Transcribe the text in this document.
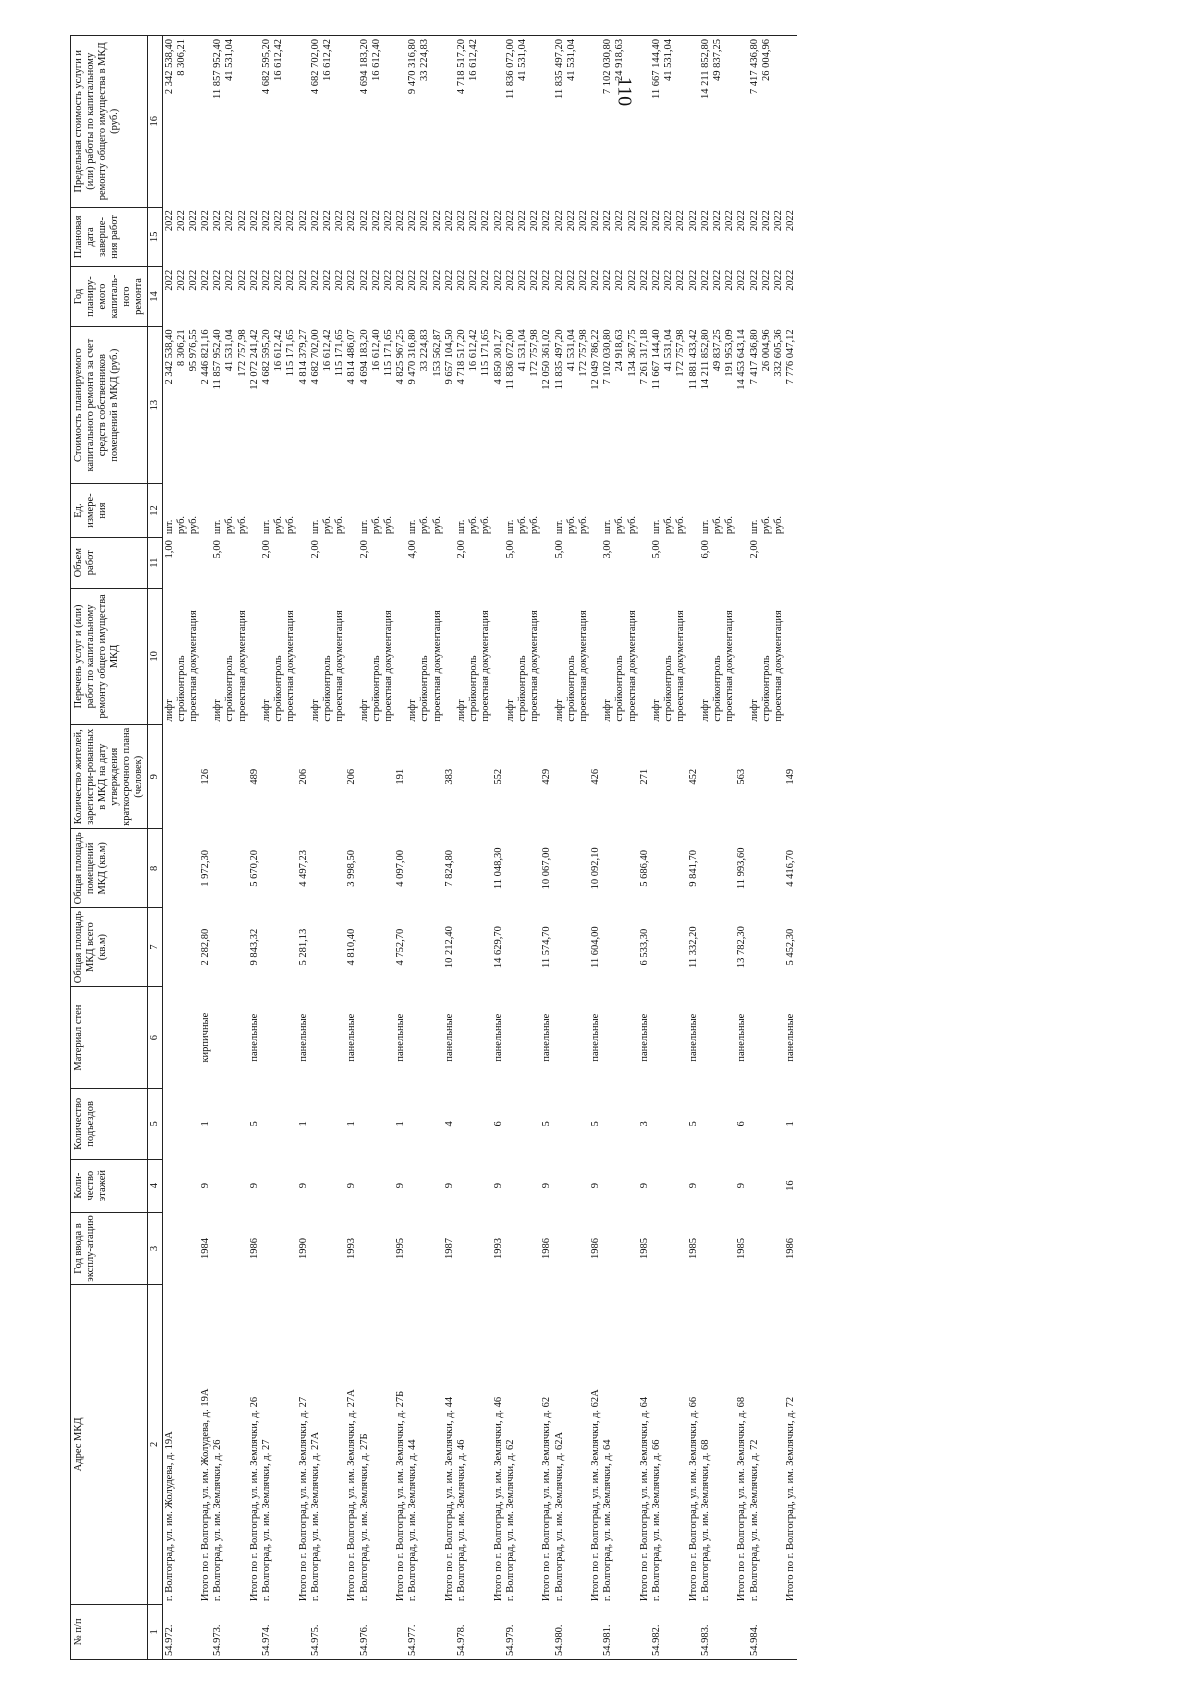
110
№ п/п	Адрес МКД	Год ввода в эксплу-атацию	Коли-чество этажей	Количество подъездов	Материал стен	Общая площадь МКД всего (кв.м)	Общая площадь помещений МКД (кв.м)	Количество жителей, зарегистри-рованных в МКД на дату утверждения краткосрочного плана (человек)	Перечень услуг и (или) работ по капитальному ремонту общего имущества МКД	Объем работ	Ед. измере-ния	Стоимость планируемого капитального ремонта за счет средств собственников помещений в МКД (руб.)	Год планиру-емого капиталь-ного ремонта	Плановая дата заверше-ния работ	Предельная стоимость услуги и (или) работы по капитальному ремонту общего имущества в МКД (руб.)
1	2	3	4	5	6	7	8	9	10	11	12	13	14	15	16
54.972.	г. Волгоград, ул. им. Жолудева, д. 19А								лифт	1,00	шт.	2 342 538,40	2022	2022	2 342 538,40
									стройконтроль		руб.	8 306,21	2022	2022	8 306,21
									проектная документация		руб.	95 976,55	2022	2022	
	Итого по г. Волгоград, ул. им. Жолудева, д. 19А	1984	9	1	кирпичные	2 282,80	1 972,30	126				2 446 821,16	2022	2022	
54.973.	г. Волгоград, ул. им. Землячки, д. 26								лифт	5,00	шт.	11 857 952,40	2022	2022	11 857 952,40
									стройконтроль		руб.	41 531,04	2022	2022	41 531,04
									проектная документация		руб.	172 757,98	2022	2022	
	Итого по г. Волгоград, ул. им. Землячки, д. 26	1986	9	5	панельные	9 843,32	5 670,20	489				12 072 241,42	2022	2022	
54.974.	г. Волгоград, ул. им. Землячки, д. 27								лифт	2,00	шт.	4 682 595,20	2022	2022	4 682 595,20
									стройконтроль		руб.	16 612,42	2022	2022	16 612,42
									проектная документация		руб.	115 171,65	2022	2022	
	Итого по г. Волгоград, ул. им. Землячки, д. 27	1990	9	1	панельные	5 281,13	4 497,23	206				4 814 379,27	2022	2022	
54.975.	г. Волгоград, ул. им. Землячки, д. 27А								лифт	2,00	шт.	4 682 702,00	2022	2022	4 682 702,00
									стройконтроль		руб.	16 612,42	2022	2022	16 612,42
									проектная документация		руб.	115 171,65	2022	2022	
	Итого по г. Волгоград, ул. им. Землячки, д. 27А	1993	9	1	панельные	4 810,40	3 998,50	206				4 814 486,07	2022	2022	
54.976.	г. Волгоград, ул. им. Землячки, д. 27Б								лифт	2,00	шт.	4 694 183,20	2022	2022	4 694 183,20
									стройконтроль		руб.	16 612,40	2022	2022	16 612,40
									проектная документация		руб.	115 171,65	2022	2022	
	Итого по г. Волгоград, ул. им. Землячки, д. 27Б	1995	9	1	панельные	4 752,70	4 097,00	191				4 825 967,25	2022	2022	
54.977.	г. Волгоград, ул. им. Землячки, д. 44								лифт	4,00	шт.	9 470 316,80	2022	2022	9 470 316,80
									стройконтроль		руб.	33 224,83	2022	2022	33 224,83
									проектная документация		руб.	153 562,87	2022	2022	
	Итого по г. Волгоград, ул. им. Землячки, д. 44	1987	9	4	панельные	10 212,40	7 824,80	383				9 657 104,50	2022	2022	
54.978.	г. Волгоград, ул. им. Землячки, д. 46								лифт	2,00	шт.	4 718 517,20	2022	2022	4 718 517,20
									стройконтроль		руб.	16 612,42	2022	2022	16 612,42
									проектная документация		руб.	115 171,65	2022	2022	
	Итого по г. Волгоград, ул. им. Землячки, д. 46	1993	9	6	панельные	14 629,70	11 048,30	552				4 850 301,27	2022	2022	
54.979.	г. Волгоград, ул. им. Землячки, д. 62								лифт	5,00	шт.	11 836 072,00	2022	2022	11 836 072,00
									стройконтроль		руб.	41 531,04	2022	2022	41 531,04
									проектная документация		руб.	172 757,98	2022	2022	
	Итого по г. Волгоград, ул. им. Землячки, д. 62	1986	9	5	панельные	11 574,70	10 067,00	429				12 050 361,02	2022	2022	
54.980.	г. Волгоград, ул. им. Землячки, д. 62А								лифт	5,00	шт.	11 835 497,20	2022	2022	11 835 497,20
									стройконтроль		руб.	41 531,04	2022	2022	41 531,04
									проектная документация		руб.	172 757,98	2022	2022	
	Итого по г. Волгоград, ул. им. Землячки, д. 62А	1986	9	5	панельные	11 604,00	10 092,10	426				12 049 786,22	2022	2022	
54.981.	г. Волгоград, ул. им. Землячки, д. 64								лифт	3,00	шт.	7 102 030,80	2022	2022	7 102 030,80
									стройконтроль		руб.	24 918,63	2022	2022	24 918,63
									проектная документация		руб.	134 367,75	2022	2022	
	Итого по г. Волгоград, ул. им. Землячки, д. 64	1985	9	3	панельные	6 533,30	5 686,40	271				7 261 317,18	2022	2022	
54.982.	г. Волгоград, ул. им. Землячки, д. 66								лифт	5,00	шт.	11 667 144,40	2022	2022	11 667 144,40
									стройконтроль		руб.	41 531,04	2022	2022	41 531,04
									проектная документация		руб.	172 757,98	2022	2022	
	Итого по г. Волгоград, ул. им. Землячки, д. 66	1985	9	5	панельные	11 332,20	9 841,70	452				11 881 433,42	2022	2022	
54.983.	г. Волгоград, ул. им. Землячки, д. 68								лифт	6,00	шт.	14 211 852,80	2022	2022	14 211 852,80
									стройконтроль		руб.	49 837,25	2022	2022	49 837,25
									проектная документация		руб.	191 953,09	2022	2022	
	Итого по г. Волгоград, ул. им. Землячки, д. 68	1985	9	6	панельные	13 782,30	11 993,60	563				14 453 643,14	2022	2022	
54.984.	г. Волгоград, ул. им. Землячки, д. 72								лифт	2,00	шт.	7 417 436,80	2022	2022	7 417 436,80
									стройконтроль		руб.	26 004,96	2022	2022	26 004,96
									проектная документация		руб.	332 605,36	2022	2022	
	Итого по г. Волгоград, ул. им. Землячки, д. 72	1986	16	1	панельные	5 452,30	4 416,70	149				7 776 047,12	2022	2022	
